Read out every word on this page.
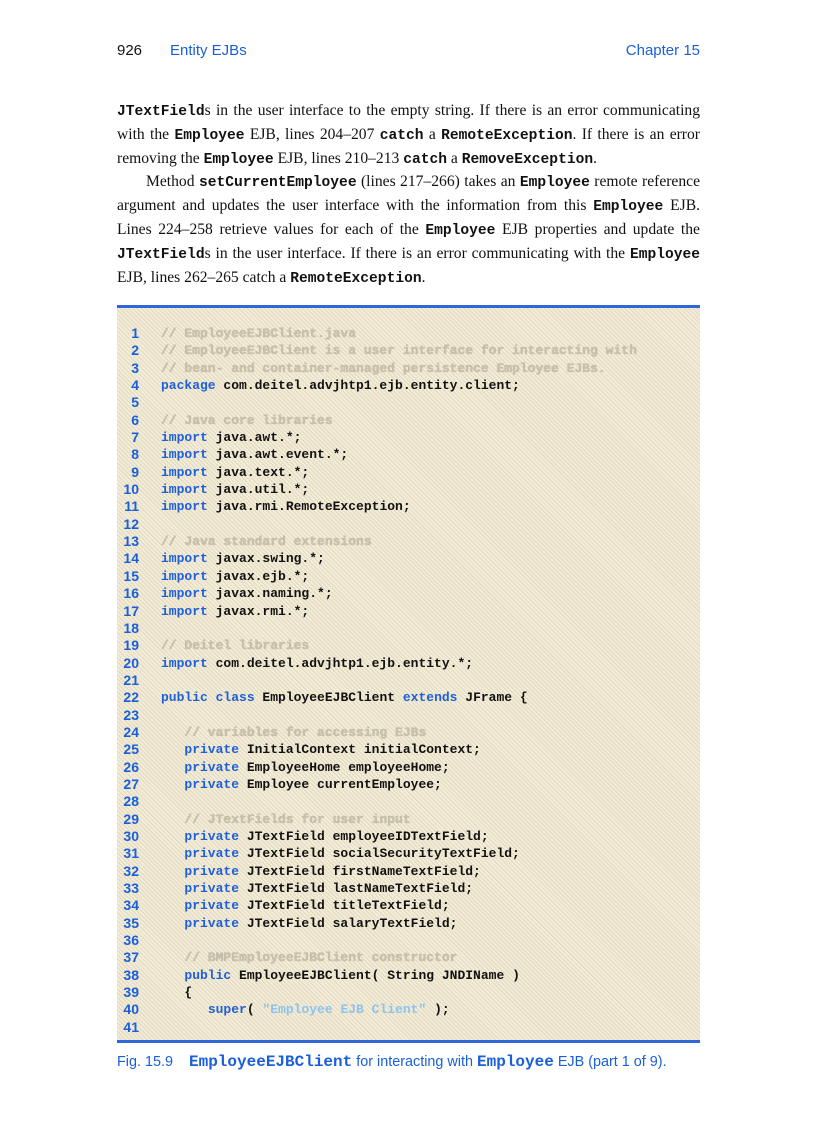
926 Entity EJBs	Chapter 15

JTextFields in the user interface to the empty string. If there is an error communicating with the Employee EJB, lines 204–207 catch a RemoteException. If there is an error removing the Employee EJB, lines 210–213 catch a RemoveException.

Method setCurrentEmployee (lines 217–266) takes an Employee remote reference argument and updates the user interface with the information from this Employee EJB. Lines 224–258 retrieve values for each of the Employee EJB properties and update the JTextFields in the user interface. If there is an error communicating with the Employee EJB, lines 262–265 catch a RemoteException.

1 // EmployeeEJBClient.java
2 // EmployeeEJBClient is a user interface for interacting with
3 // bean- and container-managed persistence Employee EJBs.
4 package com.deitel.advjhtp1.ejb.entity.client;
5
6 // Java core libraries
7 import java.awt.*;
8 import java.awt.event.*;
9 import java.text.*;
10 import java.util.*;
11 import java.rmi.RemoteException;
12
13 // Java standard extensions
14 import javax.swing.*;
15 import javax.ejb.*;
16 import javax.naming.*;
17 import javax.rmi.*;
18
19 // Deitel libraries
20 import com.deitel.advjhtp1.ejb.entity.*;
21
22 public class EmployeeEJBClient extends JFrame {
23
24	// variables for accessing EJBs
25	private InitialContext initialContext;
26	private EmployeeHome employeeHome;
27	private Employee currentEmployee;
28
29	// JTextFields for user input
30	private JTextField employeeIDTextField;
31	private JTextField socialSecurityTextField;
32	private JTextField firstNameTextField;
33	private JTextField lastNameTextField;
34	private JTextField titleTextField;
35	private JTextField salaryTextField;
36
37	// BMPEmployeeEJBClient constructor
38	public EmployeeEJBClient( String JNDIName )
39 {
40	super( "Employee EJB Client" );
41
Fig. 15.9 EmployeeEJBClient for interacting with Employee EJB (part 1 of 9).
